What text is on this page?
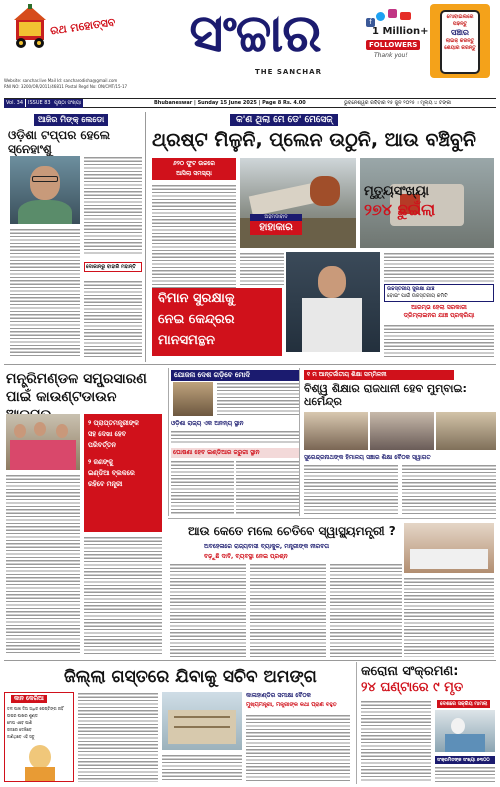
ରଥ ମହୋତ୍ସବ	ସଂଚ୍ଚାର
THE SANCHAR
f
1 Million+
FOLLOWERS
Thank you!
ମୋବାଇଲରେ
ପଢନ୍ତୁ
ସଞ୍ଚାର
ଲାଇକ୍ କରନ୍ତୁ
ଶେୟାର କରନ୍ତୁ
Website: sanchar.live Mail Id: sancharodisha@gmail.com
RNI NO: 3200/OR/2011/46811 Postal Regd No: ON/CMT/15-17
Vol. 34 ISSUE 83 ପୃଷ୍ଠା ସଂଖ୍ୟା	Bhubaneswar | Sunday 15 June 2025 | Page 8 Rs. 4.00	ଭୁବନେଶ୍ୱର ରବିବାର ୧୫ ଜୁନ ୨୦୨୫ । ମୂଲ୍ୟ ୪ ଟଙ୍କା
ଆଜିର ମିଙ୍କ୍ ଲେଡୋ
ଓଡ଼ିଶା ଟପ୍ପର ହେଲେ ସ୍ନେହାଂଶୁ
ଦୋକାନରୁ ବାହାରି ମହାନ୍ତି
କ'ଣ ଥିଲା ମେ ଡେ' ମେସେଜ୍
ଥ୍ରଷ୍ଟ ମିଳୁନି, ପ୍ଲେନ ଉଠୁନି, ଆଉ ବଞ୍ଚିବୁନି
୬୨୦ ଫୁଟ ଉଚ୍ଚରେ
ଆସିଲା ସମସ୍ୟା
ଅହମଦାବାଦ
ହାହାକାର
ମୃତ୍ୟୁସଂଖ୍ୟା
୨୭୪ ଛୁଇଁଲା
ବିମାନ ସୁରକ୍ଷାକୁ
ନେଇ କେନ୍ଦ୍ରର
ମାନସମନ୍ଥନ
ଉଚ୍ଚସ୍ତରୀୟ ସୁରକ୍ଷା ଯାଞ୍ଚ
ବୋଇଂ ପାଇଁ ଉଚ୍ଚସ୍ତରୀୟ କମିଟି
ଆରମ୍ଭ ହେଲା ସରକାରୀ
ଡ୍ରିମ୍‌ଲାଇନର ଯାଞ୍ଚ ପ୍ରକ୍ରିୟା
ମନ୍ତ୍ରିମଣ୍ଡଳ ସମ୍ପ୍ରସାରଣ ପାଇଁ କାଉଣ୍ଟଡାଉନ
୨ ପ୍ରାପ୍ତମନ୍ତ୍ରୀଙ୍କ
ସହ ଦେଖା ହେବ
ପରିବର୍ତ୍ତନ
୨ ଜଣଙ୍କୁ
ଇଣ୍ଡିଆ ବ୍ଲକରେ
ରହିବେ ମନ୍ତ୍ରୀ
ଯୋଜନା ଦେଶ ଗଡ଼ିବେ ମୋଦି
ଓଡ଼ିଶା ରାଜ୍ୟ ଏକ ଅନନ୍ୟ ସ୍ଥାନ
ଘୋଷଣା ହେବ ଇଣ୍ଡିଆର ଜରୁରୀ ସ୍ଥାନ
୧ ମ ଆନ୍ତର୍ଜାତୀୟ ଶିକ୍ଷା ସମ୍ମିଳନୀ
ବିଶ୍ୱ ଶିକ୍ଷାର ରାଜଧାନୀ ହେବ ମୁମ୍ବାଇ: ଧର୍ମେନ୍ଦ୍ର
ସୁରେନ୍ଦ୍ରନାଥଙ୍କ ହିମାଳୟ ସଞ୍ଚାର ଶିକ୍ଷା ବୈଠକ ସ୍ୱାଗତ
ଆଉ କେତେ ମଲେ ଚେତିବେ ସ୍ୱାସ୍ଥ୍ୟମନ୍ତ୍ରୀ ?
ଅବହେଳାରେ ରାଜ୍ୟବାସୀ ବ୍ୟାକୁଳ, ମନ୍ତ୍ରୀଙ୍କ ନୀରବତା
ବଢ଼ୁଛି ଦାବି, ବ୍ୟବସ୍ଥା ନେଇ ପ୍ରଶ୍ନ
ଜିଲ୍ଲା ଗସ୍ତରେ ଯିବାକୁ ସଚିବ ଅମଙ୍ଗ
କାନ କେରିଆ
ତଳ ପାଖ ଦିଅ ଅଧିକ ପେଷ୍ଟିଙ୍ଗ ନାହିଁ
ଉପର ପାଖର ଶୁଣ୍ଡ
ମେଘ ଏବେ ପାଣି
ରଜରେ ଦେଖିବେ
ଜାଣିଥିବେ ଏହି ସବୁ
କାଳାହାଣ୍ଡିର ସମୀକ୍ଷା ବୈଠକ
ମୁଖ୍ୟମନ୍ତ୍ରୀ, ମନ୍ତ୍ରୀଙ୍କ କଥା ପ୍ରାଣ ବହୁତ
କରୋନା ସଂକ୍ରମଣ:
୨୪ ଘଣ୍ଟାରେ ୯ ମୃତ
ଦେଶରେ ସକ୍ରିୟ ମାମଲା
ସଂକ୍ରମିତଙ୍କ ସଂଖ୍ୟା ୭୩୦୦
